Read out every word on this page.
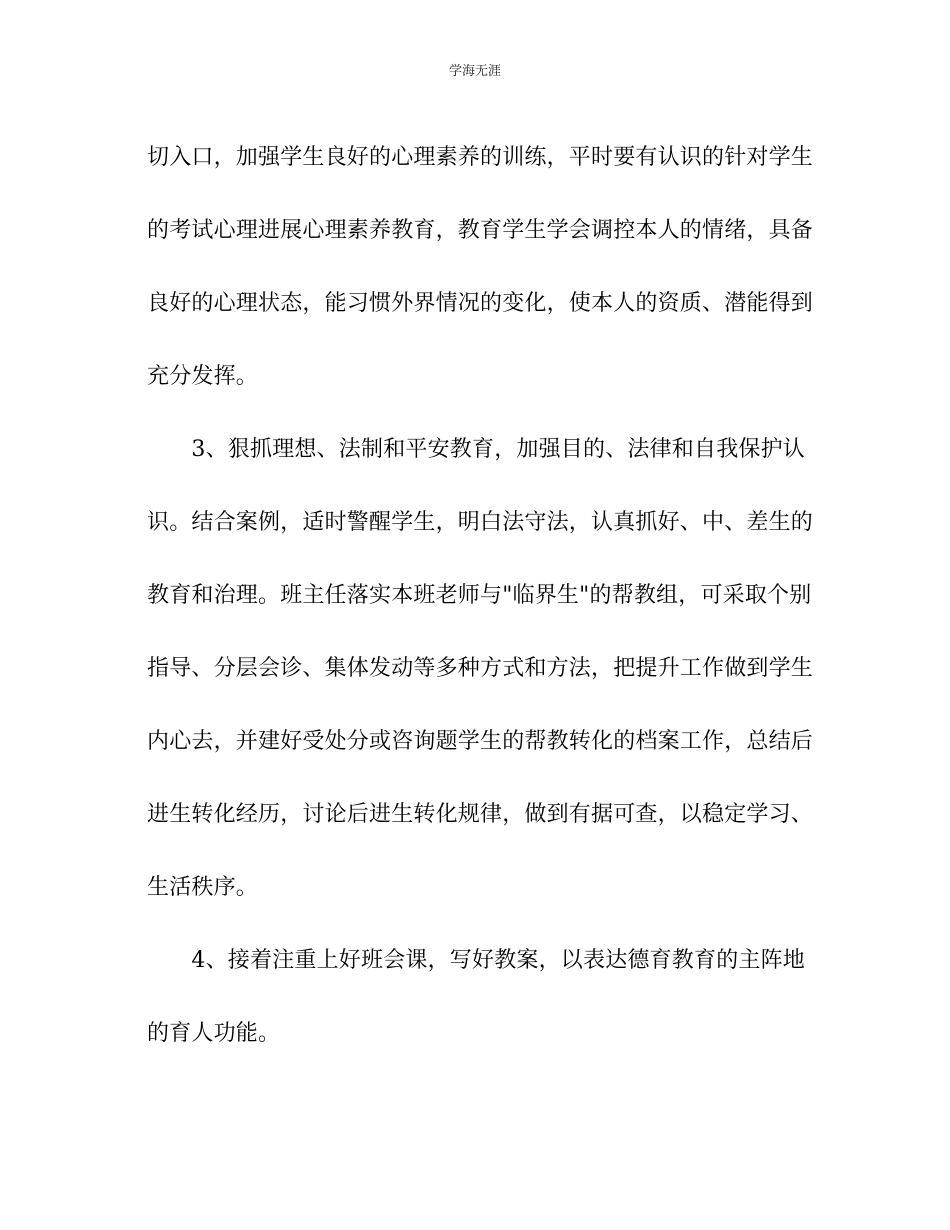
学海无涯
切入口，加强学生良好的心理素养的训练，平时要有认识的针对学生
的考试心理进展心理素养教育，教育学生学会调控本人的情绪，具备
良好的心理状态，能习惯外界情况的变化，使本人的资质、潜能得到
充分发挥。
　　3、狠抓理想、法制和平安教育，加强目的、法律和自我保护认
识。结合案例，适时警醒学生，明白法守法，认真抓好、中、差生的
教育和治理。班主任落实本班老师与"临界生"的帮教组，可采取个别
指导、分层会诊、集体发动等多种方式和方法，把提升工作做到学生
内心去，并建好受处分或咨询题学生的帮教转化的档案工作，总结后
进生转化经历，讨论后进生转化规律，做到有据可查，以稳定学习、
生活秩序。
　　4、接着注重上好班会课，写好教案，以表达德育教育的主阵地
的育人功能。
